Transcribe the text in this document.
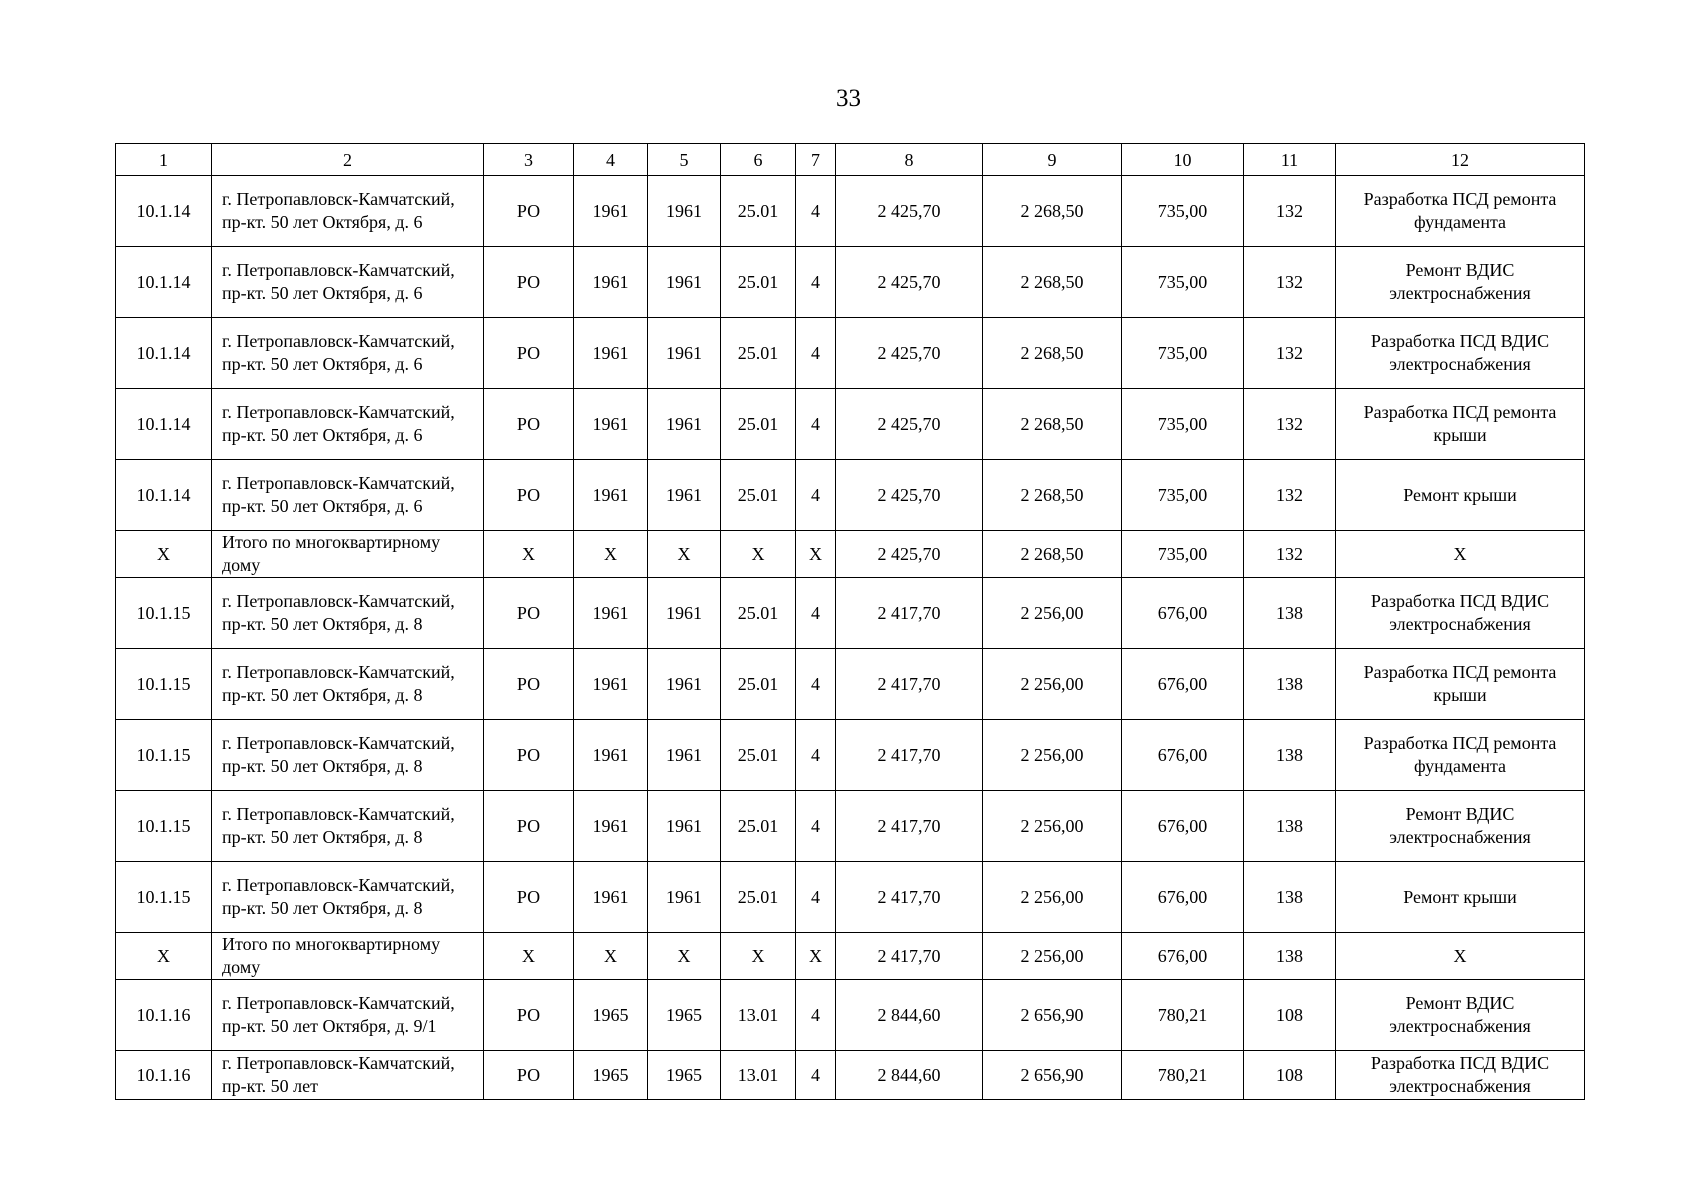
33
1	2	3	4	5	6	7	8	9	10	11	12
10.1.14	г. Петропавловск-Камчатский, пр-кт. 50 лет Октября, д. 6	РО	1961	1961	25.01	4	2 425,70	2 268,50	735,00	132	Разработка ПСД ремонта фундамента
10.1.14	г. Петропавловск-Камчатский, пр-кт. 50 лет Октября, д. 6	РО	1961	1961	25.01	4	2 425,70	2 268,50	735,00	132	Ремонт ВДИС электроснабжения
10.1.14	г. Петропавловск-Камчатский, пр-кт. 50 лет Октября, д. 6	РО	1961	1961	25.01	4	2 425,70	2 268,50	735,00	132	Разработка ПСД ВДИС электроснабжения
10.1.14	г. Петропавловск-Камчатский, пр-кт. 50 лет Октября, д. 6	РО	1961	1961	25.01	4	2 425,70	2 268,50	735,00	132	Разработка ПСД ремонта крыши
10.1.14	г. Петропавловск-Камчатский, пр-кт. 50 лет Октября, д. 6	РО	1961	1961	25.01	4	2 425,70	2 268,50	735,00	132	Ремонт крыши
X	Итого по многоквартирному дому	X	X	X	X	X	2 425,70	2 268,50	735,00	132	X
10.1.15	г. Петропавловск-Камчатский, пр-кт. 50 лет Октября, д. 8	РО	1961	1961	25.01	4	2 417,70	2 256,00	676,00	138	Разработка ПСД ВДИС электроснабжения
10.1.15	г. Петропавловск-Камчатский, пр-кт. 50 лет Октября, д. 8	РО	1961	1961	25.01	4	2 417,70	2 256,00	676,00	138	Разработка ПСД ремонта крыши
10.1.15	г. Петропавловск-Камчатский, пр-кт. 50 лет Октября, д. 8	РО	1961	1961	25.01	4	2 417,70	2 256,00	676,00	138	Разработка ПСД ремонта фундамента
10.1.15	г. Петропавловск-Камчатский, пр-кт. 50 лет Октября, д. 8	РО	1961	1961	25.01	4	2 417,70	2 256,00	676,00	138	Ремонт ВДИС электроснабжения
10.1.15	г. Петропавловск-Камчатский, пр-кт. 50 лет Октября, д. 8	РО	1961	1961	25.01	4	2 417,70	2 256,00	676,00	138	Ремонт крыши
X	Итого по многоквартирному дому	X	X	X	X	X	2 417,70	2 256,00	676,00	138	X
10.1.16	г. Петропавловск-Камчатский, пр-кт. 50 лет Октября, д. 9/1	РО	1965	1965	13.01	4	2 844,60	2 656,90	780,21	108	Ремонт ВДИС электроснабжения
10.1.16	г. Петропавловск-Камчатский, пр-кт. 50 лет	РО	1965	1965	13.01	4	2 844,60	2 656,90	780,21	108	Разработка ПСД ВДИС электроснабжения
